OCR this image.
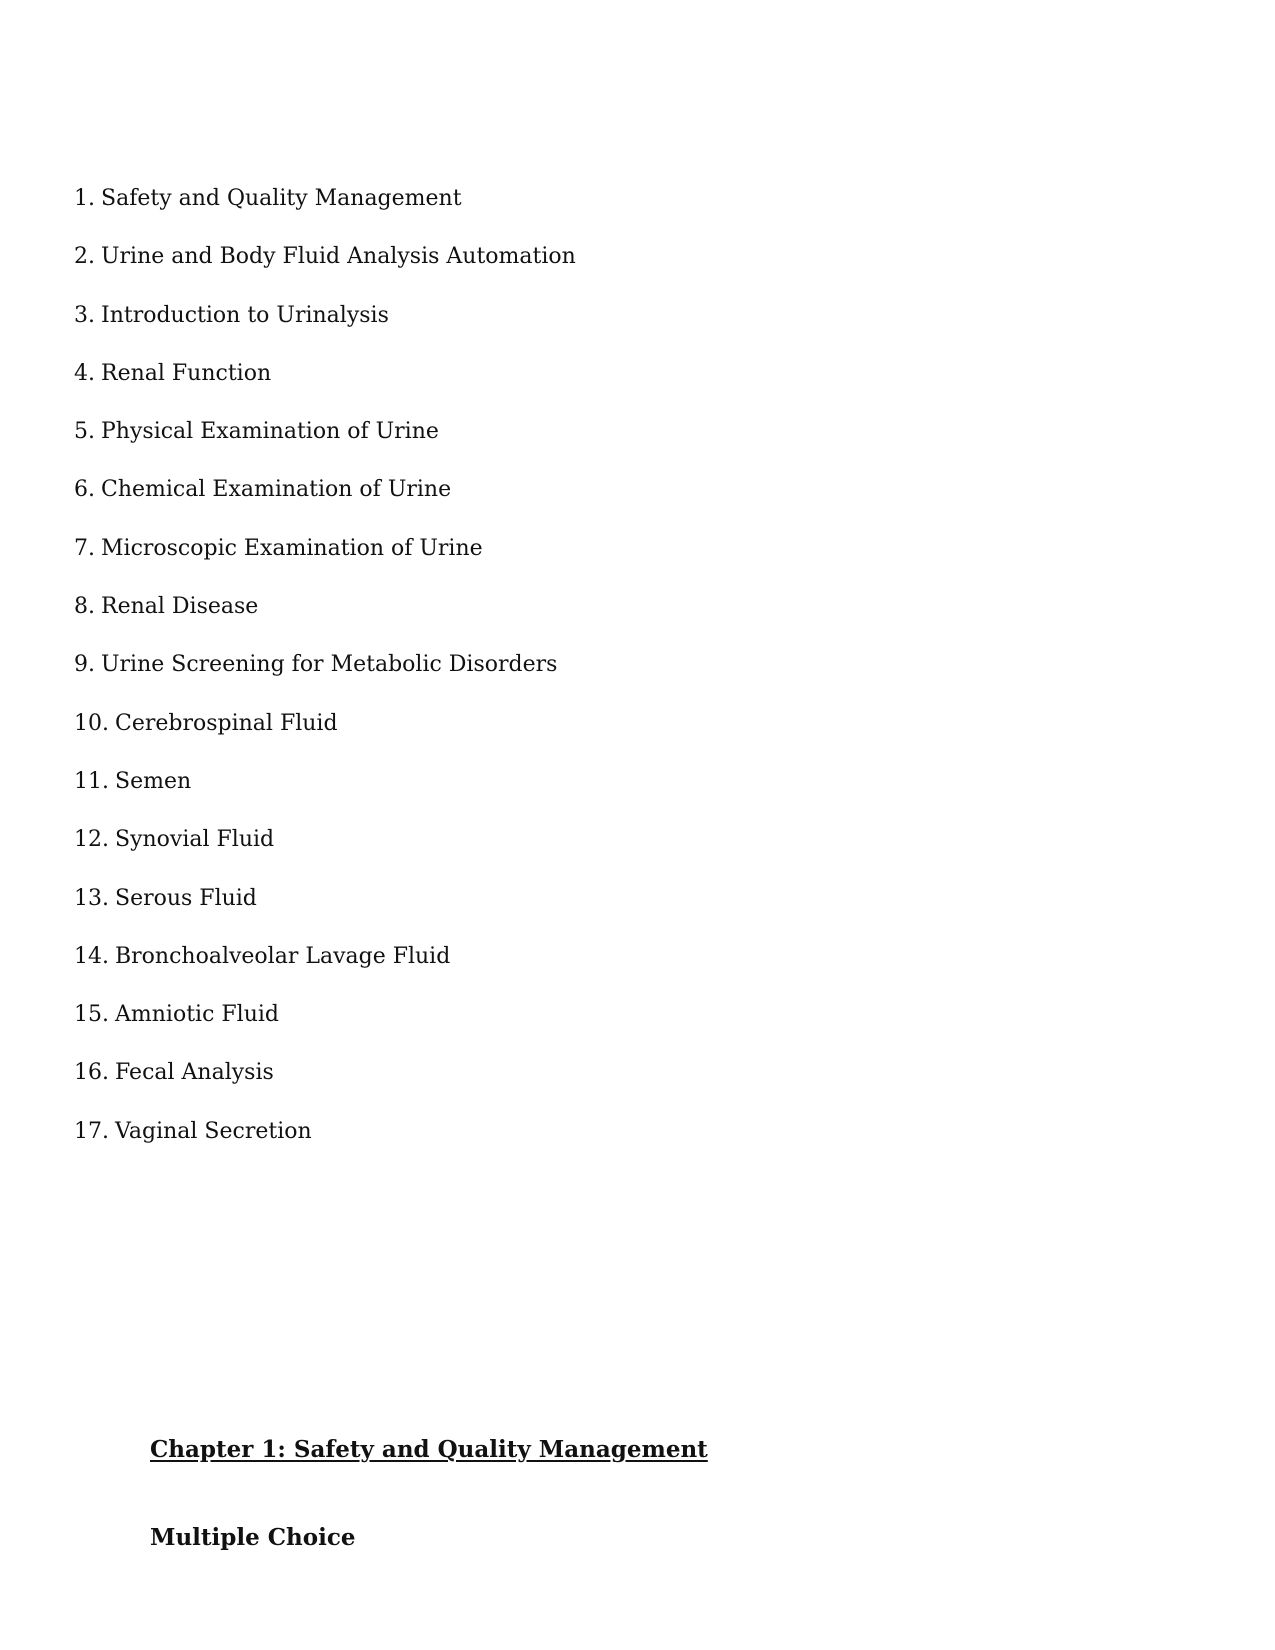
1. Safety and Quality Management
2. Urine and Body Fluid Analysis Automation
3. Introduction to Urinalysis
4. Renal Function
5. Physical Examination of Urine
6. Chemical Examination of Urine
7. Microscopic Examination of Urine
8. Renal Disease
9. Urine Screening for Metabolic Disorders
10. Cerebrospinal Fluid
11. Semen
12. Synovial Fluid
13. Serous Fluid
14. Bronchoalveolar Lavage Fluid
15. Amniotic Fluid
16. Fecal Analysis
17. Vaginal Secretion
Chapter 1: Safety and Quality Management
Multiple Choice
